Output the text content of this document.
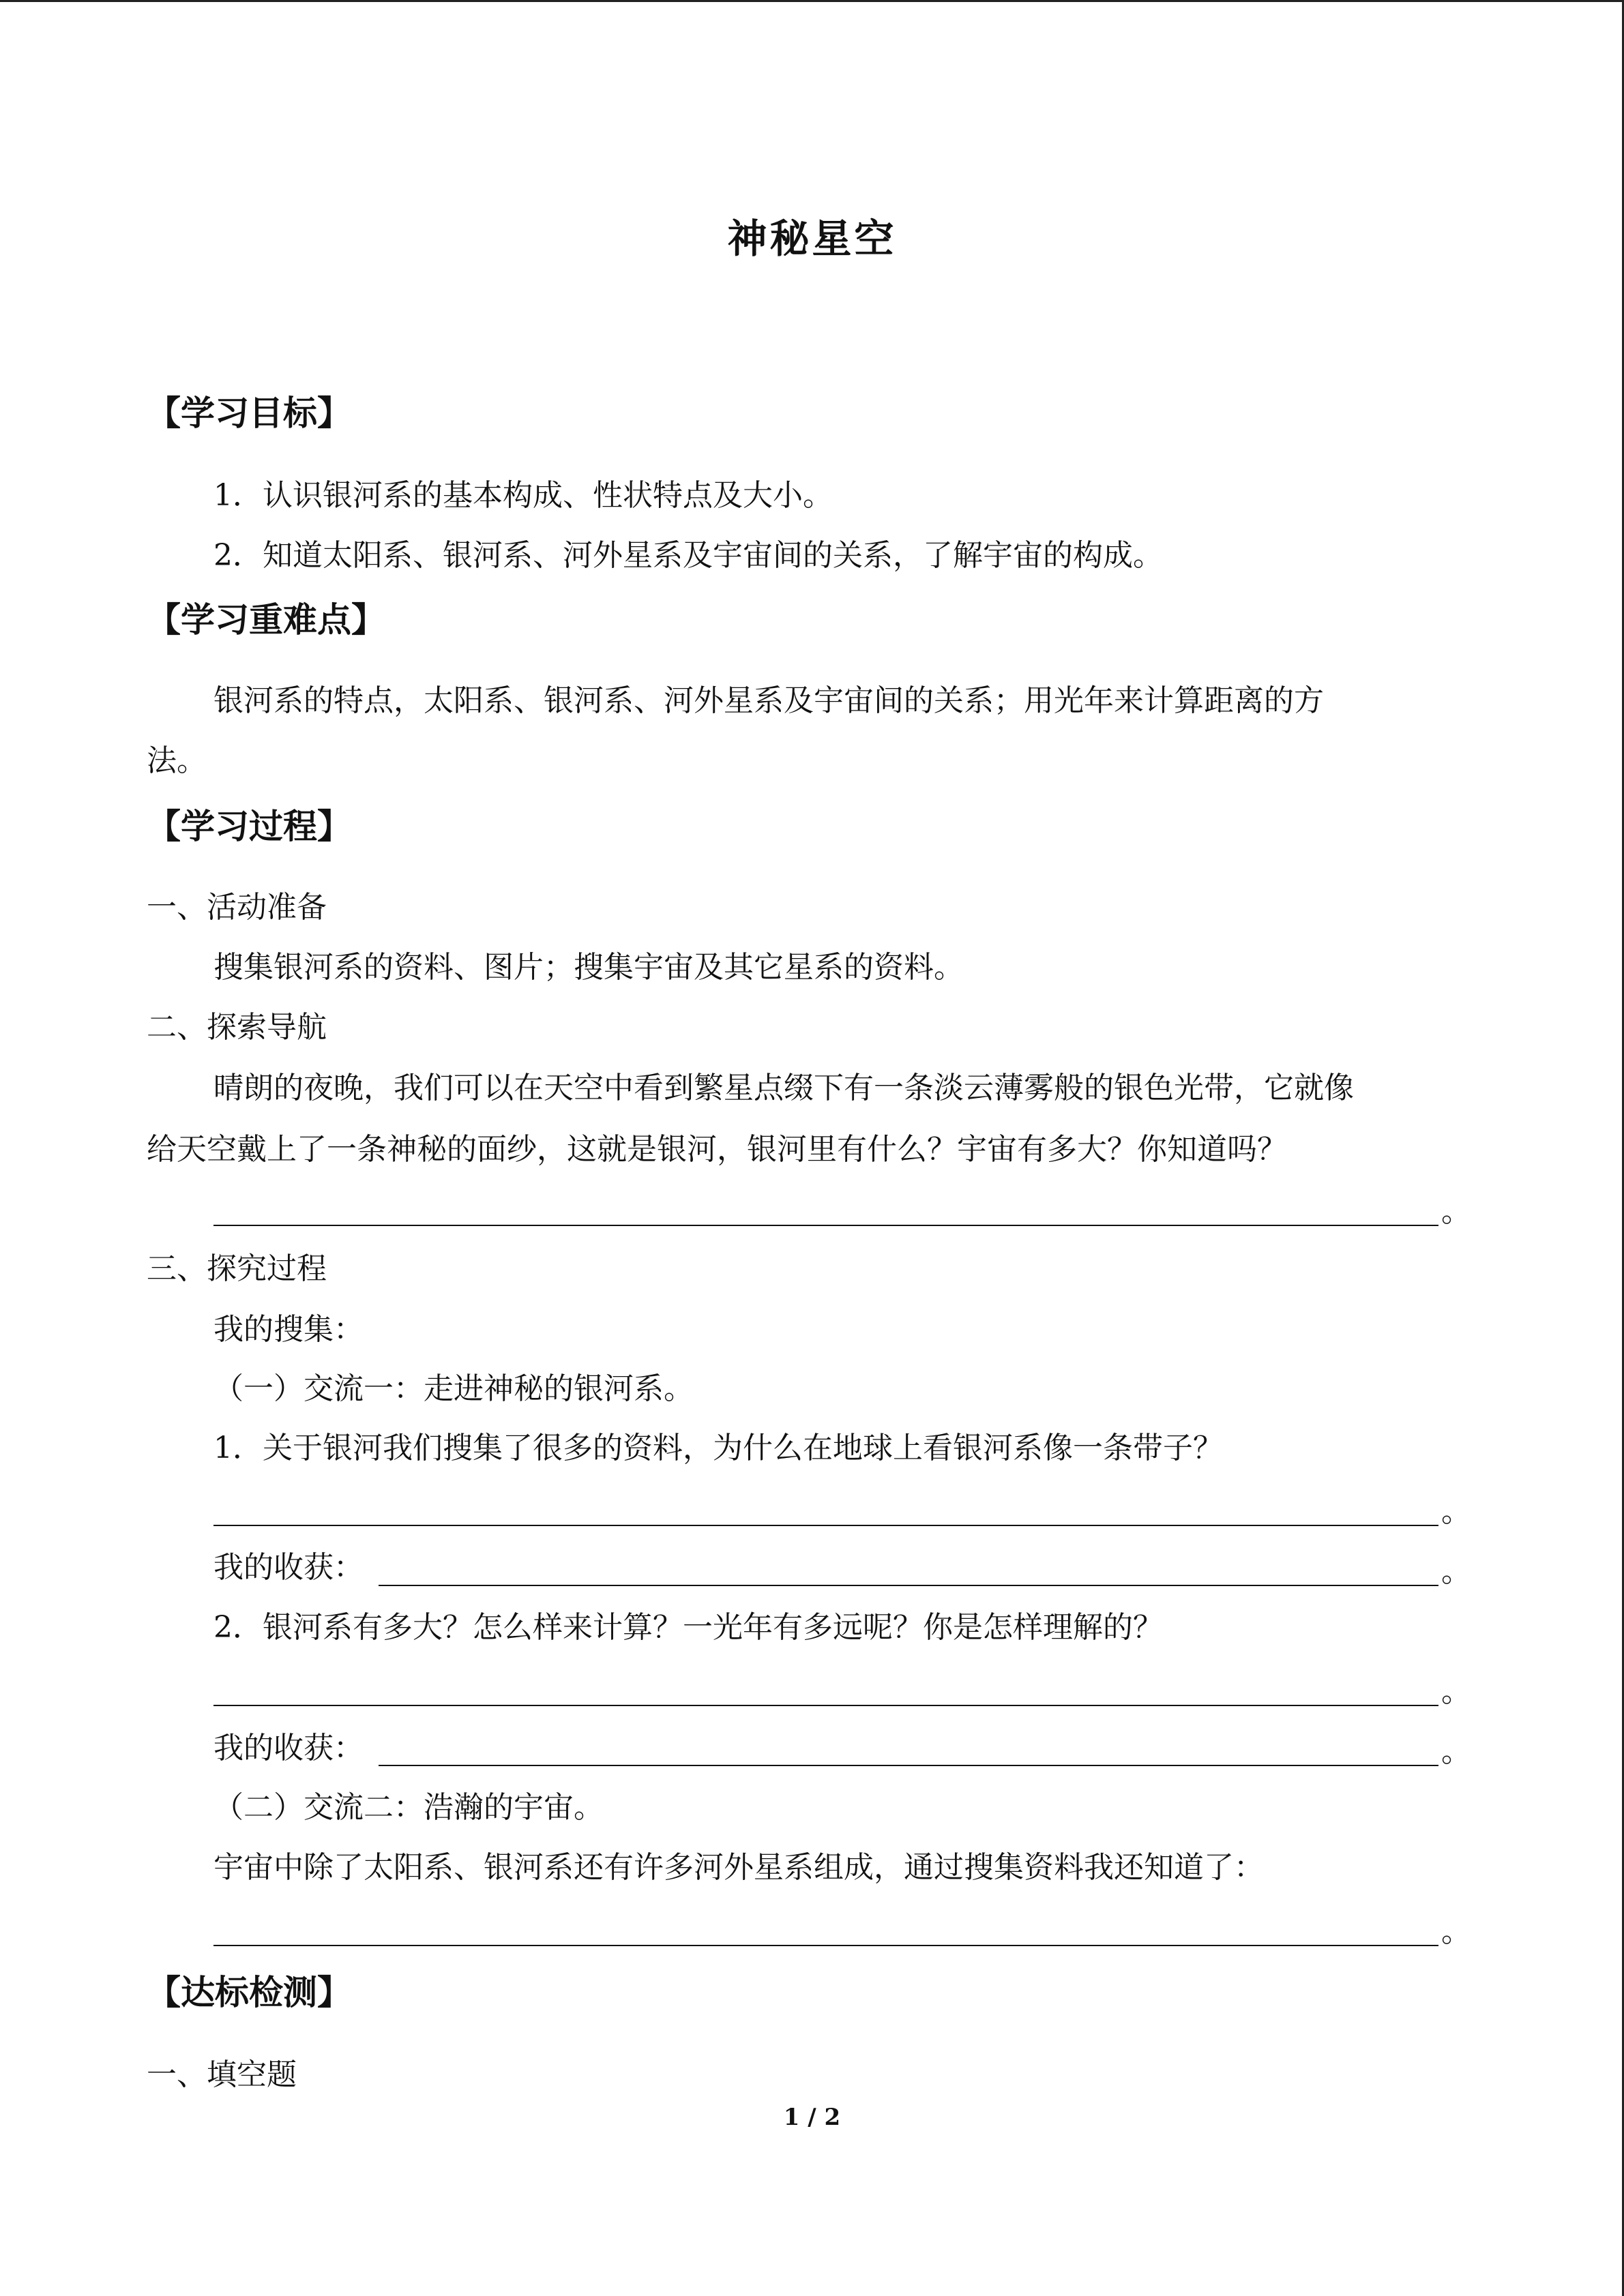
神秘星空
【学习目标】
1．认识银河系的基本构成、性状特点及大小。
2．知道太阳系、银河系、河外星系及宇宙间的关系，了解宇宙的构成。
【学习重难点】
银河系的特点，太阳系、银河系、河外星系及宇宙间的关系；用光年来计算距离的方
法。
【学习过程】
一、活动准备
搜集银河系的资料、图片；搜集宇宙及其它星系的资料。
二、探索导航
晴朗的夜晚，我们可以在天空中看到繁星点缀下有一条淡云薄雾般的银色光带，它就像
给天空戴上了一条神秘的面纱，这就是银河，银河里有什么？宇宙有多大？你知道吗？
。
三、探究过程
我的搜集：
（一）交流一：走进神秘的银河系。
1．关于银河我们搜集了很多的资料，为什么在地球上看银河系像一条带子？
。
我的收获：	。
2．银河系有多大？怎么样来计算？一光年有多远呢？你是怎样理解的？
。
我的收获：	。
（二）交流二：浩瀚的宇宙。
宇宙中除了太阳系、银河系还有许多河外星系组成，通过搜集资料我还知道了：
。
【达标检测】
一、填空题
1 / 2
